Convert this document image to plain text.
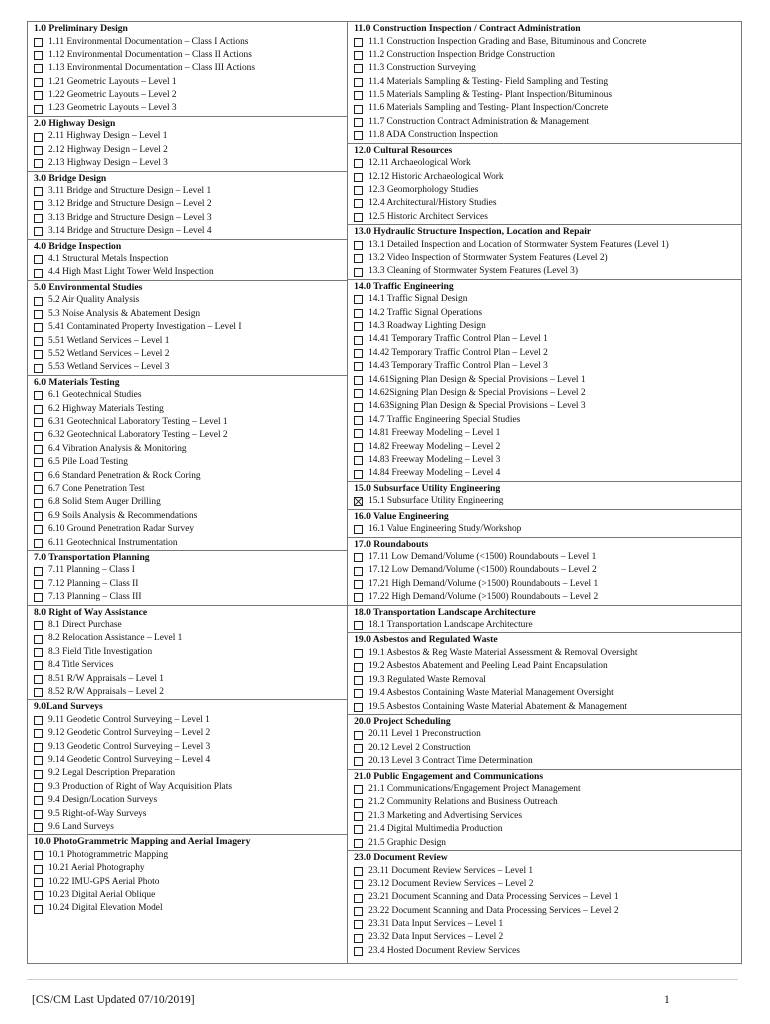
1.0 Preliminary Design
1.11 Environmental Documentation – Class I Actions
1.12 Environmental Documentation – Class II Actions
1.13 Environmental Documentation – Class III Actions
1.21 Geometric Layouts – Level 1
1.22 Geometric Layouts – Level 2
1.23 Geometric Layouts – Level 3
2.0 Highway Design
2.11 Highway Design – Level 1
2.12 Highway Design – Level 2
2.13 Highway Design – Level 3
3.0 Bridge Design
3.11 Bridge and Structure Design – Level 1
3.12 Bridge and Structure Design – Level 2
3.13 Bridge and Structure Design – Level 3
3.14 Bridge and Structure Design – Level 4
4.0 Bridge Inspection
4.1 Structural Metals Inspection
4.4 High Mast Light Tower Weld Inspection
5.0 Environmental Studies
5.2 Air Quality Analysis
5.3 Noise Analysis & Abatement Design
5.41 Contaminated Property Investigation – Level I
5.51 Wetland Services – Level 1
5.52 Wetland Services – Level 2
5.53 Wetland Services – Level 3
6.0 Materials Testing
6.1 Geotechnical Studies
6.2 Highway Materials Testing
6.31 Geotechnical Laboratory Testing – Level 1
6.32 Geotechnical Laboratory Testing – Level 2
6.4 Vibration Analysis & Monitoring
6.5 Pile Load Testing
6.6 Standard Penetration & Rock Coring
6.7 Cone Penetration Test
6.8 Solid Stem Auger Drilling
6.9 Soils Analysis & Recommendations
6.10 Ground Penetration Radar Survey
6.11 Geotechnical Instrumentation
7.0 Transportation Planning
7.11 Planning – Class I
7.12 Planning – Class II
7.13 Planning – Class III
8.0 Right of Way Assistance
8.1 Direct Purchase
8.2 Relocation Assistance – Level 1
8.3 Field Title Investigation
8.4 Title Services
8.51 R/W Appraisals – Level 1
8.52 R/W Appraisals – Level 2
9.0Land Surveys
9.11 Geodetic Control Surveying – Level 1
9.12 Geodetic Control Surveying – Level 2
9.13 Geodetic Control Surveying – Level 3
9.14 Geodetic Control Surveying – Level 4
9.2 Legal Description Preparation
9.3 Production of Right of Way Acquisition Plats
9.4 Design/Location Surveys
9.5 Right-of-Way Surveys
9.6 Land Surveys
10.0 PhotoGrammetric Mapping and Aerial Imagery
10.1 Photogrammetric Mapping
10.21 Aerial Photography
10.22 IMU-GPS Aerial Photo
10.23 Digital Aerial Oblique
10.24 Digital Elevation Model
11.0 Construction Inspection / Contract Administration
11.1 Construction Inspection Grading and Base, Bituminous and Concrete
11.2 Construction Inspection Bridge Construction
11.3 Construction Surveying
11.4 Materials Sampling & Testing- Field Sampling and Testing
11.5 Materials Sampling & Testing- Plant Inspection/Bituminous
11.6 Materials Sampling and Testing- Plant Inspection/Concrete
11.7 Construction Contract Administration & Management
11.8 ADA Construction Inspection
12.0 Cultural Resources
12.11 Archaeological Work
12.12 Historic Archaeological Work
12.3 Geomorphology Studies
12.4 Architectural/History Studies
12.5 Historic Architect Services
13.0 Hydraulic Structure Inspection, Location and Repair
13.1 Detailed Inspection and Location of Stormwater System Features (Level 1)
13.2 Video Inspection of Stormwater System Features (Level 2)
13.3 Cleaning of Stormwater System Features (Level 3)
14.0 Traffic Engineering
14.1 Traffic Signal Design
14.2 Traffic Signal Operations
14.3 Roadway Lighting Design
14.41 Temporary Traffic Control Plan – Level 1
14.42 Temporary Traffic Control Plan – Level 2
14.43 Temporary Traffic Control Plan – Level 3
14.61Signing Plan Design & Special Provisions – Level 1
14.62Signing Plan Design & Special Provisions – Level 2
14.63Signing Plan Design & Special Provisions – Level 3
14.7 Traffic Engineering Special Studies
14.81 Freeway Modeling – Level 1
14.82 Freeway Modeling – Level 2
14.83 Freeway Modeling – Level 3
14.84 Freeway Modeling – Level 4
15.0 Subsurface Utility Engineering
15.1 Subsurface Utility Engineering
16.0 Value Engineering
16.1 Value Engineering Study/Workshop
17.0 Roundabouts
17.11 Low Demand/Volume (<1500) Roundabouts – Level 1
17.12 Low Demand/Volume (<1500) Roundabouts – Level 2
17.21 High Demand/Volume (>1500) Roundabouts – Level 1
17.22 High Demand/Volume (>1500) Roundabouts – Level 2
18.0 Transportation Landscape Architecture
18.1 Transportation Landscape Architecture
19.0 Asbestos and Regulated Waste
19.1 Asbestos & Reg Waste Material Assessment & Removal Oversight
19.2 Asbestos Abatement and Peeling Lead Paint Encapsulation
19.3 Regulated Waste Removal
19.4 Asbestos Containing Waste Material Management Oversight
19.5 Asbestos Containing Waste Material Abatement & Management
20.0 Project Scheduling
20.11 Level 1 Preconstruction
20.12 Level 2 Construction
20.13 Level 3 Contract Time Determination
21.0 Public Engagement and Communications
21.1 Communications/Engagement Project Management
21.2 Community Relations and Business Outreach
21.3 Marketing and Advertising Services
21.4 Digital Multimedia Production
21.5 Graphic Design
23.0 Document Review
23.11 Document Review Services – Level 1
23.12 Document Review Services – Level 2
23.21 Document Scanning and Data Processing Services – Level 1
23.22 Document Scanning and Data Processing Services – Level 2
23.31 Data Input Services – Level 1
23.32 Data Input Services – Level 2
23.4 Hosted Document Review Services
[CS/CM Last Updated 07/10/2019]	1
